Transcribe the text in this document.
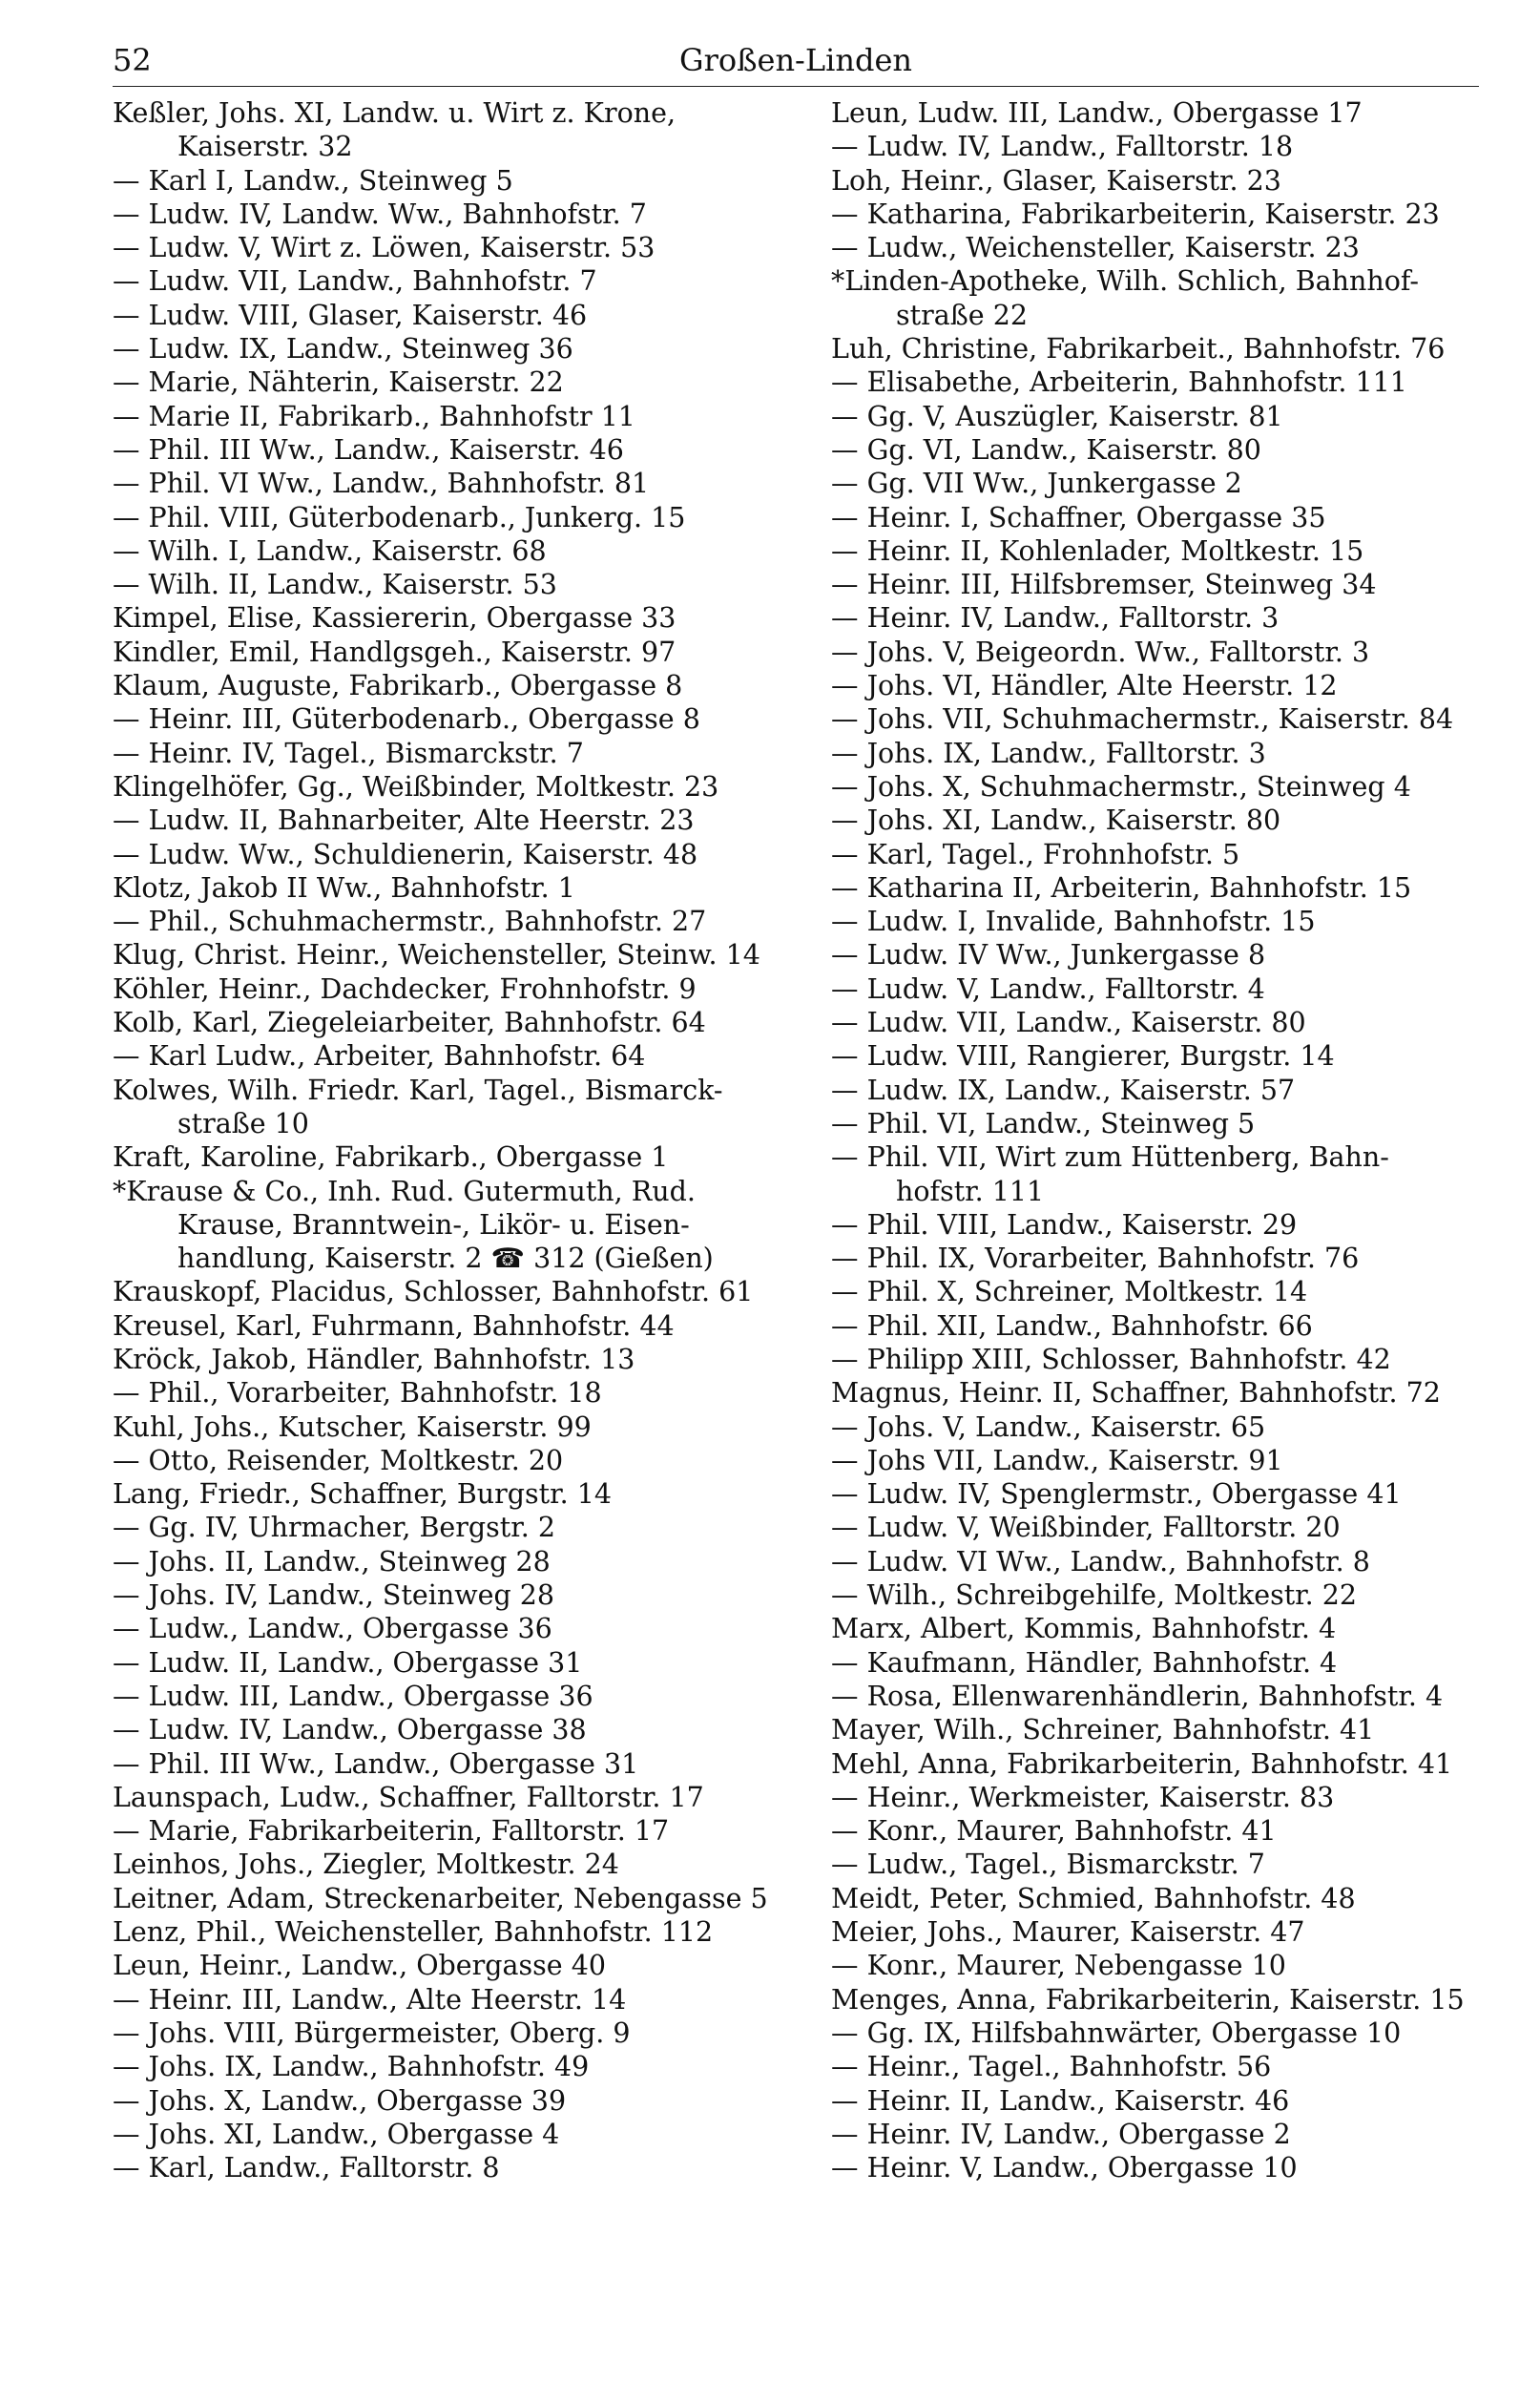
52	Großen-Linden
Keßler, Johs. XI, Landw. u. Wirt z. Krone,
Kaiserstr. 32
— Karl I, Landw., Steinweg 5
— Ludw. IV, Landw. Ww., Bahnhofstr. 7
— Ludw. V, Wirt z. Löwen, Kaiserstr. 53
— Ludw. VII, Landw., Bahnhofstr. 7
— Ludw. VIII, Glaser, Kaiserstr. 46
— Ludw. IX, Landw., Steinweg 36
— Marie, Nähterin, Kaiserstr. 22
— Marie II, Fabrikarb., Bahnhofstr 11
— Phil. III Ww., Landw., Kaiserstr. 46
— Phil. VI Ww., Landw., Bahnhofstr. 81
— Phil. VIII, Güterbodenarb., Junkerg. 15
— Wilh. I, Landw., Kaiserstr. 68
— Wilh. II, Landw., Kaiserstr. 53
Kimpel, Elise, Kassiererin, Obergasse 33
Kindler, Emil, Handlgsgeh., Kaiserstr. 97
Klaum, Auguste, Fabrikarb., Obergasse 8
— Heinr. III, Güterbodenarb., Obergasse 8
— Heinr. IV, Tagel., Bismarckstr. 7
Klingelhöfer, Gg., Weißbinder, Moltkestr. 23
— Ludw. II, Bahnarbeiter, Alte Heerstr. 23
— Ludw. Ww., Schuldienerin, Kaiserstr. 48
Klotz, Jakob II Ww., Bahnhofstr. 1
— Phil., Schuhmachermstr., Bahnhofstr. 27
Klug, Christ. Heinr., Weichensteller, Steinw. 14
Köhler, Heinr., Dachdecker, Frohnhofstr. 9
Kolb, Karl, Ziegeleiarbeiter, Bahnhofstr. 64
— Karl Ludw., Arbeiter, Bahnhofstr. 64
Kolwes, Wilh. Friedr. Karl, Tagel., Bismarck-
straße 10
Kraft, Karoline, Fabrikarb., Obergasse 1
*Krause & Co., Inh. Rud. Gutermuth, Rud.
Krause, Branntwein-, Likör- u. Eisen-
handlung, Kaiserstr. 2 ☎ 312 (Gießen)
Krauskopf, Placidus, Schlosser, Bahnhofstr. 61
Kreusel, Karl, Fuhrmann, Bahnhofstr. 44
Kröck, Jakob, Händler, Bahnhofstr. 13
— Phil., Vorarbeiter, Bahnhofstr. 18
Kuhl, Johs., Kutscher, Kaiserstr. 99
— Otto, Reisender, Moltkestr. 20
Lang, Friedr., Schaffner, Burgstr. 14
— Gg. IV, Uhrmacher, Bergstr. 2
— Johs. II, Landw., Steinweg 28
— Johs. IV, Landw., Steinweg 28
— Ludw., Landw., Obergasse 36
— Ludw. II, Landw., Obergasse 31
— Ludw. III, Landw., Obergasse 36
— Ludw. IV, Landw., Obergasse 38
— Phil. III Ww., Landw., Obergasse 31
Launspach, Ludw., Schaffner, Falltorstr. 17
— Marie, Fabrikarbeiterin, Falltorstr. 17
Leinhos, Johs., Ziegler, Moltkestr. 24
Leitner, Adam, Streckenarbeiter, Nebengasse 5
Lenz, Phil., Weichensteller, Bahnhofstr. 112
Leun, Heinr., Landw., Obergasse 40
— Heinr. III, Landw., Alte Heerstr. 14
— Johs. VIII, Bürgermeister, Oberg. 9
— Johs. IX, Landw., Bahnhofstr. 49
— Johs. X, Landw., Obergasse 39
— Johs. XI, Landw., Obergasse 4
— Karl, Landw., Falltorstr. 8
Leun, Ludw. III, Landw., Obergasse 17
— Ludw. IV, Landw., Falltorstr. 18
Loh, Heinr., Glaser, Kaiserstr. 23
— Katharina, Fabrikarbeiterin, Kaiserstr. 23
— Ludw., Weichensteller, Kaiserstr. 23
*Linden-Apotheke, Wilh. Schlich, Bahnhof-
straße 22
Luh, Christine, Fabrikarbeit., Bahnhofstr. 76
— Elisabethe, Arbeiterin, Bahnhofstr. 111
— Gg. V, Auszügler, Kaiserstr. 81
— Gg. VI, Landw., Kaiserstr. 80
— Gg. VII Ww., Junkergasse 2
— Heinr. I, Schaffner, Obergasse 35
— Heinr. II, Kohlenlader, Moltkestr. 15
— Heinr. III, Hilfsbremser, Steinweg 34
— Heinr. IV, Landw., Falltorstr. 3
— Johs. V, Beigeordn. Ww., Falltorstr. 3
— Johs. VI, Händler, Alte Heerstr. 12
— Johs. VII, Schuhmachermstr., Kaiserstr. 84
— Johs. IX, Landw., Falltorstr. 3
— Johs. X, Schuhmachermstr., Steinweg 4
— Johs. XI, Landw., Kaiserstr. 80
— Karl, Tagel., Frohnhofstr. 5
— Katharina II, Arbeiterin, Bahnhofstr. 15
— Ludw. I, Invalide, Bahnhofstr. 15
— Ludw. IV Ww., Junkergasse 8
— Ludw. V, Landw., Falltorstr. 4
— Ludw. VII, Landw., Kaiserstr. 80
— Ludw. VIII, Rangierer, Burgstr. 14
— Ludw. IX, Landw., Kaiserstr. 57
— Phil. VI, Landw., Steinweg 5
— Phil. VII, Wirt zum Hüttenberg, Bahn-
hofstr. 111
— Phil. VIII, Landw., Kaiserstr. 29
— Phil. IX, Vorarbeiter, Bahnhofstr. 76
— Phil. X, Schreiner, Moltkestr. 14
— Phil. XII, Landw., Bahnhofstr. 66
— Philipp XIII, Schlosser, Bahnhofstr. 42
Magnus, Heinr. II, Schaffner, Bahnhofstr. 72
— Johs. V, Landw., Kaiserstr. 65
— Johs VII, Landw., Kaiserstr. 91
— Ludw. IV, Spenglermstr., Obergasse 41
— Ludw. V, Weißbinder, Falltorstr. 20
— Ludw. VI Ww., Landw., Bahnhofstr. 8
— Wilh., Schreibgehilfe, Moltkestr. 22
Marx, Albert, Kommis, Bahnhofstr. 4
— Kaufmann, Händler, Bahnhofstr. 4
— Rosa, Ellenwarenhändlerin, Bahnhofstr. 4
Mayer, Wilh., Schreiner, Bahnhofstr. 41
Mehl, Anna, Fabrikarbeiterin, Bahnhofstr. 41
— Heinr., Werkmeister, Kaiserstr. 83
— Konr., Maurer, Bahnhofstr. 41
— Ludw., Tagel., Bismarckstr. 7
Meidt, Peter, Schmied, Bahnhofstr. 48
Meier, Johs., Maurer, Kaiserstr. 47
— Konr., Maurer, Nebengasse 10
Menges, Anna, Fabrikarbeiterin, Kaiserstr. 15
— Gg. IX, Hilfsbahnwärter, Obergasse 10
— Heinr., Tagel., Bahnhofstr. 56
— Heinr. II, Landw., Kaiserstr. 46
— Heinr. IV, Landw., Obergasse 2
— Heinr. V, Landw., Obergasse 10
